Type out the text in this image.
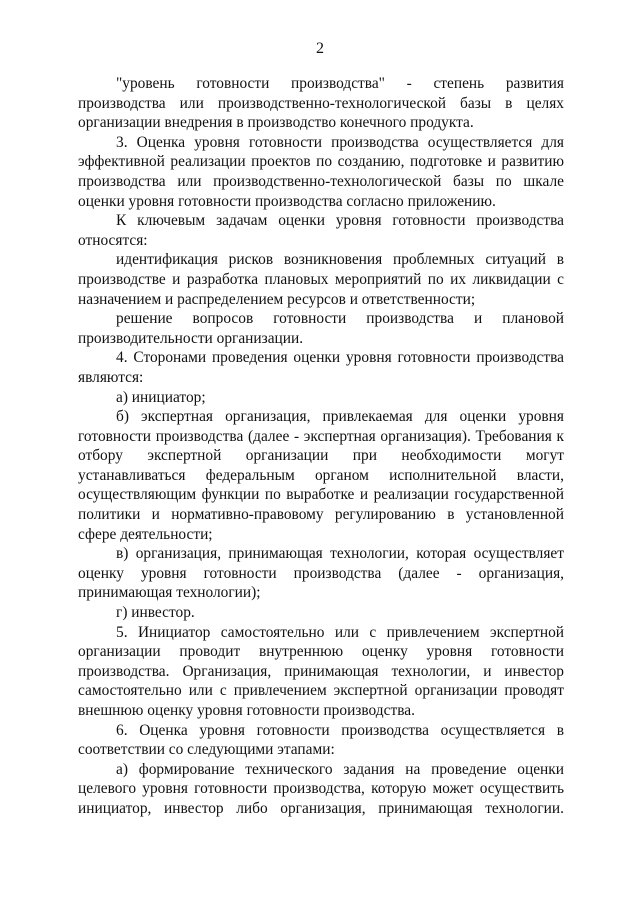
2

"уровень готовности производства" - степень развития производства или производственно-технологической базы в целях организации внедрения в производство конечного продукта.

3. Оценка уровня готовности производства осуществляется для эффективной реализации проектов по созданию, подготовке и развитию производства или производственно-технологической базы по шкале оценки уровня готовности производства согласно приложению.

К ключевым задачам оценки уровня готовности производства относятся:

идентификация рисков возникновения проблемных ситуаций в производстве и разработка плановых мероприятий по их ликвидации с назначением и распределением ресурсов и ответственности;

решение вопросов готовности производства и плановой производительности организации.

4. Сторонами проведения оценки уровня готовности производства являются:

а) инициатор;

б) экспертная организация, привлекаемая для оценки уровня готовности производства (далее - экспертная организация). Требования к отбору экспертной организации при необходимости могут устанавливаться федеральным органом исполнительной власти, осуществляющим функции по выработке и реализации государственной политики и нормативно-правовому регулированию в установленной сфере деятельности;

в) организация, принимающая технологии, которая осуществляет оценку уровня готовности производства (далее - организация, принимающая технологии);

г) инвестор.

5. Инициатор самостоятельно или с привлечением экспертной организации проводит внутреннюю оценку уровня готовности производства. Организация, принимающая технологии, и инвестор самостоятельно или с привлечением экспертной организации проводят внешнюю оценку уровня готовности производства.

6. Оценка уровня готовности производства осуществляется в соответствии со следующими этапами:

а) формирование технического задания на проведение оценки целевого уровня готовности производства, которую может осуществить инициатор, инвестор либо организация, принимающая технологии.
